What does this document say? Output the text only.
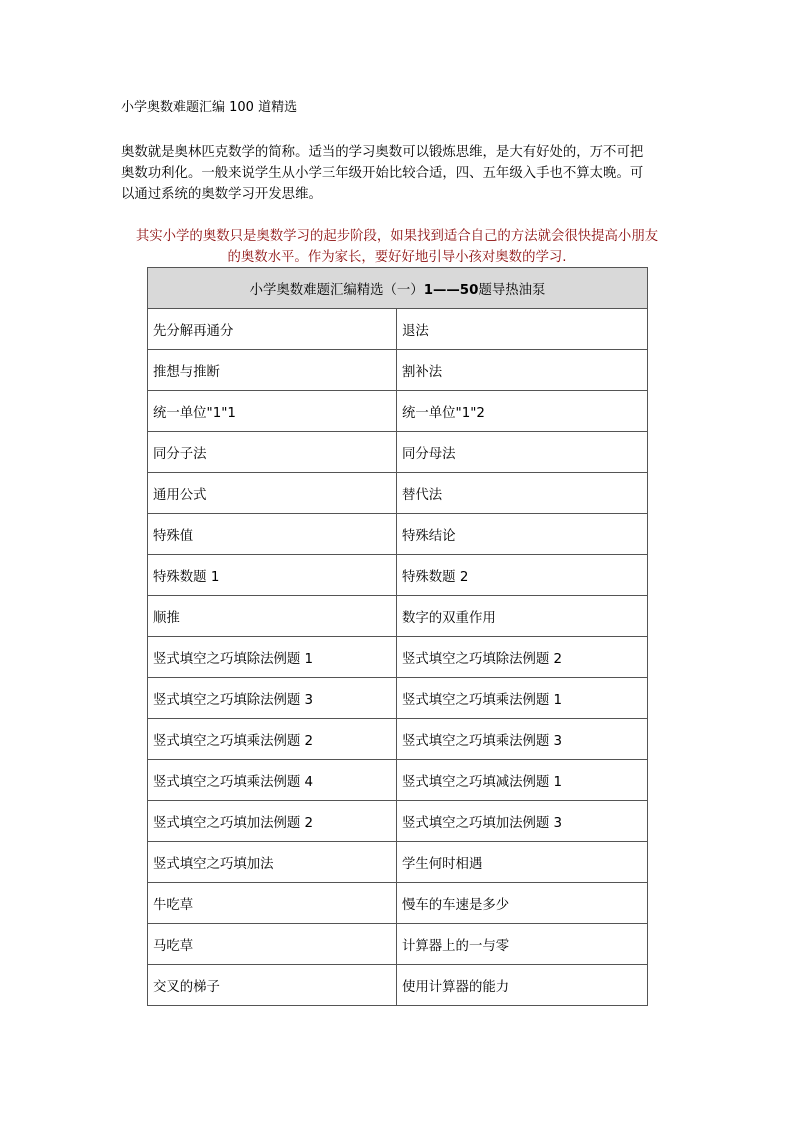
小学奥数难题汇编 100 道精选

奥数就是奥林匹克数学的简称。适当的学习奥数可以锻炼思维，是大有好处的，万不可把

奥数功利化。一般来说学生从小学三年级开始比较合适，四、五年级入手也不算太晚。可

以通过系统的奥数学习开发思维。

其实小学的奥数只是奥数学习的起步阶段，如果找到适合自己的方法就会很快提高小朋友

的奥数水平。作为家长，要好好地引导小孩对奥数的学习.

小学奥数难题汇编精选（一）1——50题导热油泵	
先分解再通分	退法
推想与推断	割补法
统一单位"1"1	统一单位"1"2
同分子法	同分母法
通用公式	替代法
特殊值	特殊结论
特殊数题 1	特殊数题 2
顺推	数字的双重作用
竖式填空之巧填除法例题 1	竖式填空之巧填除法例题 2
竖式填空之巧填除法例题 3	竖式填空之巧填乘法例题 1
竖式填空之巧填乘法例题 2	竖式填空之巧填乘法例题 3
竖式填空之巧填乘法例题 4	竖式填空之巧填减法例题 1
竖式填空之巧填加法例题 2	竖式填空之巧填加法例题 3
竖式填空之巧填加法	学生何时相遇
牛吃草	慢车的车速是多少
马吃草	计算器上的一与零
交叉的梯子	使用计算器的能力
